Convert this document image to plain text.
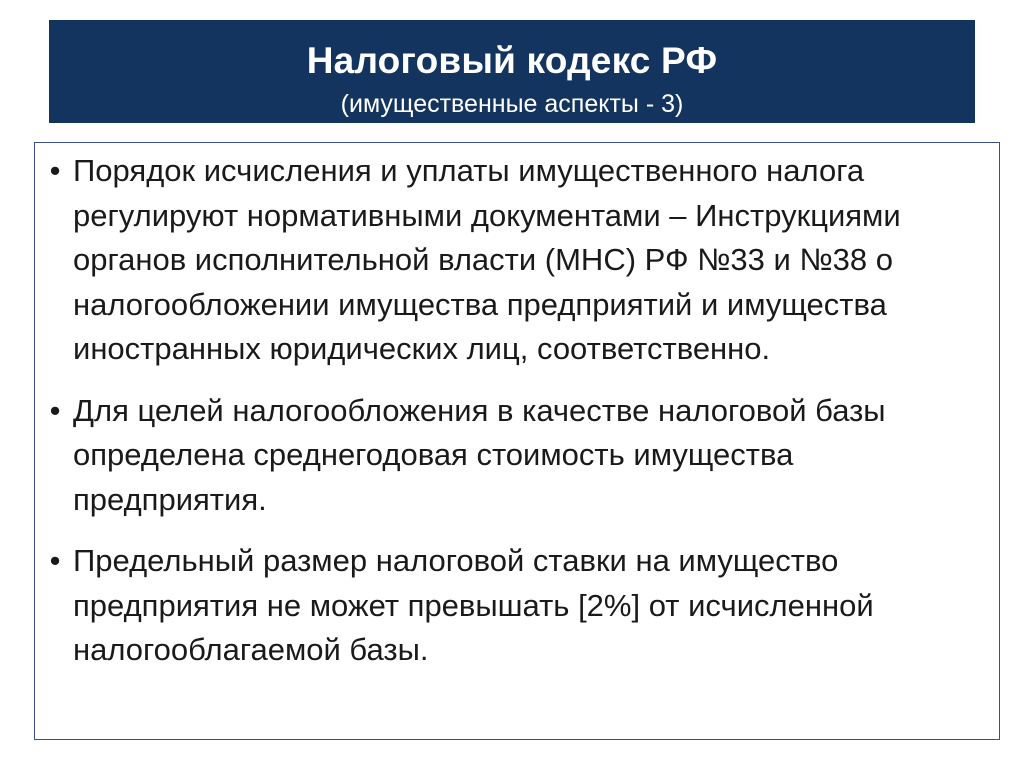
Налоговый кодекс РФ
(имущественные аспекты - 3)
• Порядок исчисления и уплаты имущественного налога регулируют нормативными документами – Инструкциями органов исполнительной власти (МНС) РФ №33 и №38 о налогообложении имущества предприятий и имущества иностранных юридических лиц, соответственно.
• Для целей налогообложения в качестве налоговой базы определена среднегодовая стоимость имущества предприятия.
• Предельный размер налоговой ставки на имущество предприятия не может превышать [2%] от исчисленной налогооблагаемой базы.
